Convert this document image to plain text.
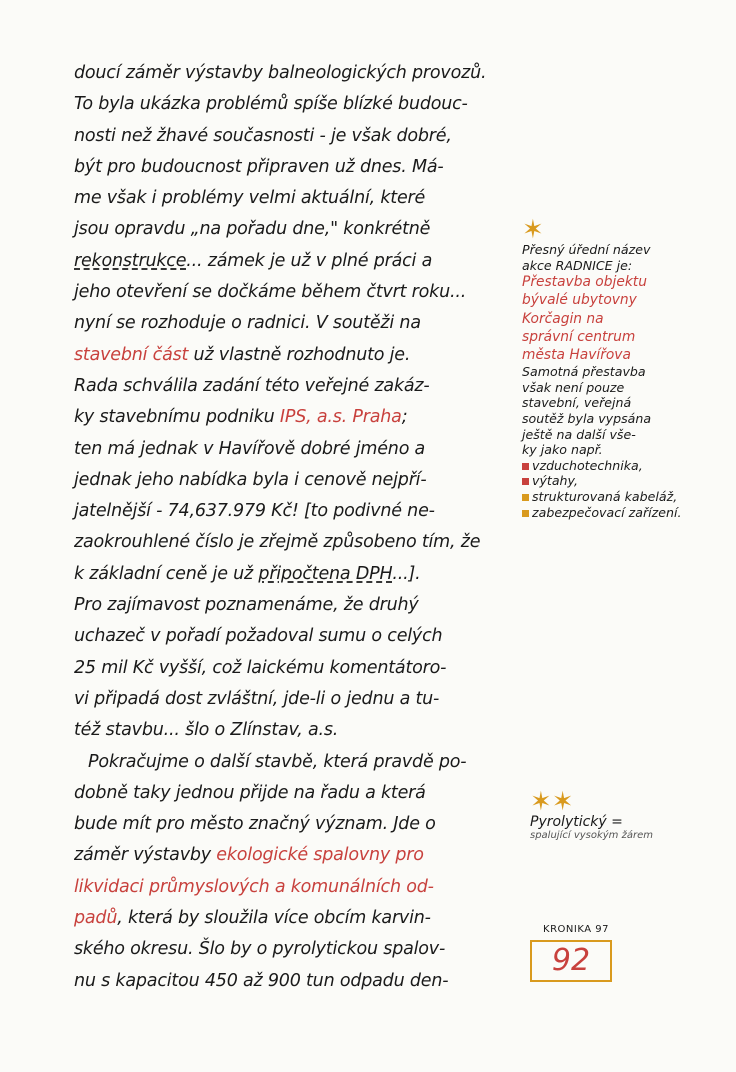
doucí záměr výstavby balneologických provozů.
To byla ukázka problémů spíše blízké budouc-
nosti než žhavé současnosti - je však dobré,
být pro budoucnost připraven už dnes. Má-
me však i problémy velmi aktuální, které
jsou opravdu „na pořadu dne," konkrétně
rekonstrukce... zámek je už v plné práci a
jeho otevření se dočkáme během čtvrt roku...
nyní se rozhoduje o radnici. V soutěži na
stavební část už vlastně rozhodnuto je.
Rada schválila zadání této veřejné zakáz-
ky stavebnímu podniku IPS, a.s. Praha;
ten má jednak v Havířově dobré jméno a
jednak jeho nabídka byla i cenově nejpří-
jatelnější - 74,637.979 Kč! [to podivné ne-
zaokrouhlené číslo je zřejmě způsobeno tím, že
k základní ceně je už připočtena DPH...].
Pro zajímavost poznamenáme, že druhý
uchazeč v pořadí požadoval sumu o celých
25 mil Kč vyšší, což laickému komentátoro-
vi připadá dost zvláštní, jde-li o jednu a tu-
též stavbu... šlo o Zlínstav, a.s.
Pokračujme o další stavbě, která pravdě po-
dobně taky jednou přijde na řadu a která
bude mít pro město značný význam. Jde o
záměr výstavby ekologické spalovny pro
likvidaci průmyslových a komunálních od-
padů, která by sloužila více obcím karvin-
ského okresu. Šlo by o pyrolytickou spalov-
nu s kapacitou 450 až 900 tun odpadu den-
✶
Přesný úřední název
akce RADNICE je:
Přestavba objektu
bývalé ubytovny
Korčagin na
správní centrum
města Havířova
Samotná přestavba
však není pouze
stavební, veřejná
soutěž byla vypsána
ještě na další vše-
ky jako např.
vzduchotechnika,
výtahy,
strukturovaná kabeláž,
zabezpečovací zařízení.
✶✶
Pyrolytický =
spalující vysokým žárem
KRONIKA 97
92
